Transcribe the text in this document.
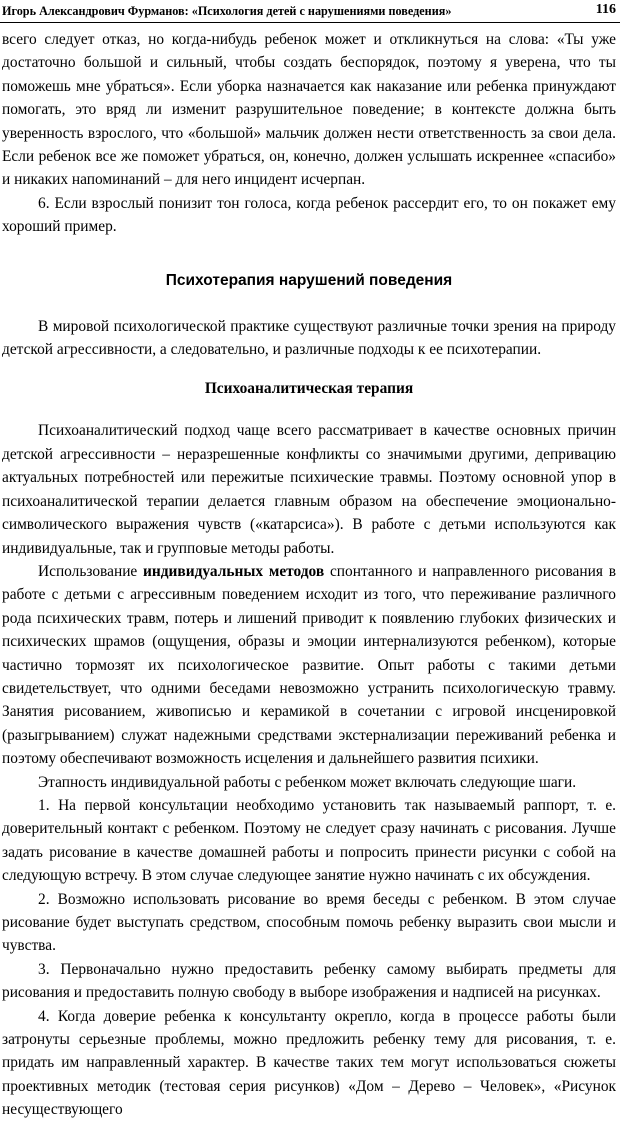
Игорь Александрович Фурманов: «Психология детей с нарушениями поведения»	116

всего следует отказ, но когда-нибудь ребенок может и откликнуться на слова: «Ты уже достаточно большой и сильный, чтобы создать беспорядок, поэтому я уверена, что ты поможешь мне убраться». Если уборка назначается как наказание или ребенка принуждают помогать, это вряд ли изменит разрушительное поведение; в контексте должна быть уверенность взрослого, что «большой» мальчик должен нести ответственность за свои дела. Если ребенок все же поможет убраться, он, конечно, должен услышать искреннее «спасибо» и никаких напоминаний – для него инцидент исчерпан.

6. Если взрослый понизит тон голоса, когда ребенок рассердит его, то он покажет ему хороший пример.

Психотерапия нарушений поведения

В мировой психологической практике существуют различные точки зрения на природу детской агрессивности, а следовательно, и различные подходы к ее психотерапии.

Психоаналитическая терапия

Психоаналитический подход чаще всего рассматривает в качестве основных причин детской агрессивности – неразрешенные конфликты со значимыми другими, депривацию актуальных потребностей или пережитые психические травмы. Поэтому основной упор в психоаналитической терапии делается главным образом на обеспечение эмоционально-символического выражения чувств («катарсиса»). В работе с детьми используются как индивидуальные, так и групповые методы работы.

Использование индивидуальных методов спонтанного и направленного рисования в работе с детьми с агрессивным поведением исходит из того, что переживание различного рода психических травм, потерь и лишений приводит к появлению глубоких физических и психических шрамов (ощущения, образы и эмоции интернализуются ребенком), которые частично тормозят их психологическое развитие. Опыт работы с такими детьми свидетельствует, что одними беседами невозможно устранить психологическую травму. Занятия рисованием, живописью и керамикой в сочетании с игровой инсценировкой (разыгрыванием) служат надежными средствами экстернализации переживаний ребенка и поэтому обеспечивают возможность исцеления и дальнейшего развития психики.

Этапность индивидуальной работы с ребенком может включать следующие шаги.

1. На первой консультации необходимо установить так называемый раппорт, т. е. доверительный контакт с ребенком. Поэтому не следует сразу начинать с рисования. Лучше задать рисование в качестве домашней работы и попросить принести рисунки с собой на следующую встречу. В этом случае следующее занятие нужно начинать с их обсуждения.

2. Возможно использовать рисование во время беседы с ребенком. В этом случае рисование будет выступать средством, способным помочь ребенку выразить свои мысли и чувства.

3. Первоначально нужно предоставить ребенку самому выбирать предметы для рисования и предоставить полную свободу в выборе изображения и надписей на рисунках.

4. Когда доверие ребенка к консультанту окрепло, когда в процессе работы были затронуты серьезные проблемы, можно предложить ребенку тему для рисования, т. е. придать им направленный характер. В качестве таких тем могут использоваться сюжеты проективных методик (тестовая серия рисунков) «Дом – Дерево – Человек», «Рисунок несуществующего
